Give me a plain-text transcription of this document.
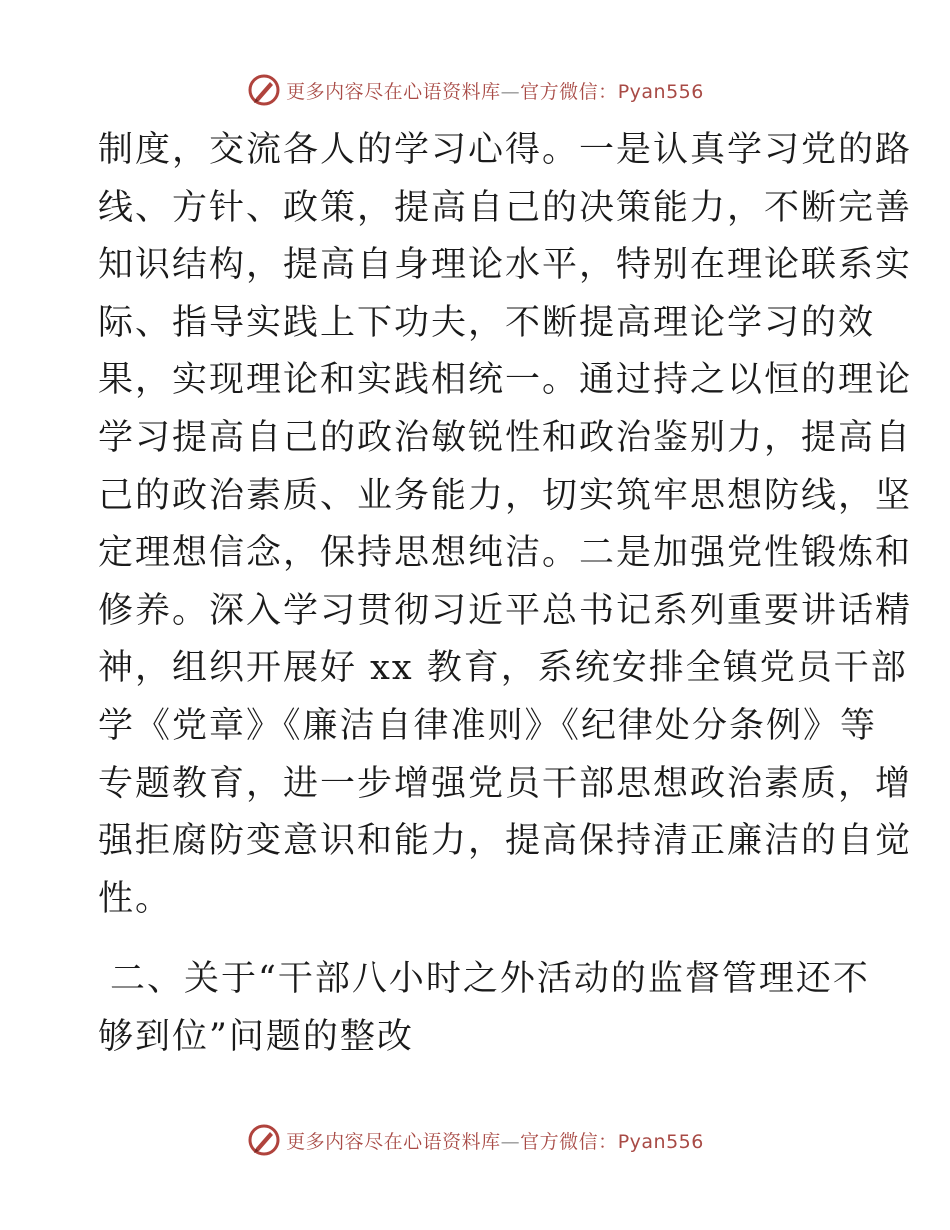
更多内容尽在心语资料库—官方微信：Pyan556
制度，交流各人的学习心得。一是认真学习党的路
线、方针、政策，提高自己的决策能力，不断完善
知识结构，提高自身理论水平，特别在理论联系实
际、指导实践上下功夫，不断提高理论学习的效
果，实现理论和实践相统一。通过持之以恒的理论
学习提高自己的政治敏锐性和政治鉴别力，提高自
己的政治素质、业务能力，切实筑牢思想防线，坚
定理想信念，保持思想纯洁。二是加强党性锻炼和
修养。深入学习贯彻习近平总书记系列重要讲话精
神，组织开展好 xx 教育，系统安排全镇党员干部
学《党章》《廉洁自律准则》《纪律处分条例》等
专题教育，进一步增强党员干部思想政治素质，增
强拒腐防变意识和能力，提高保持清正廉洁的自觉
性。
二、关于“干部八小时之外活动的监督管理还不
够到位”问题的整改
更多内容尽在心语资料库—官方微信：Pyan556
